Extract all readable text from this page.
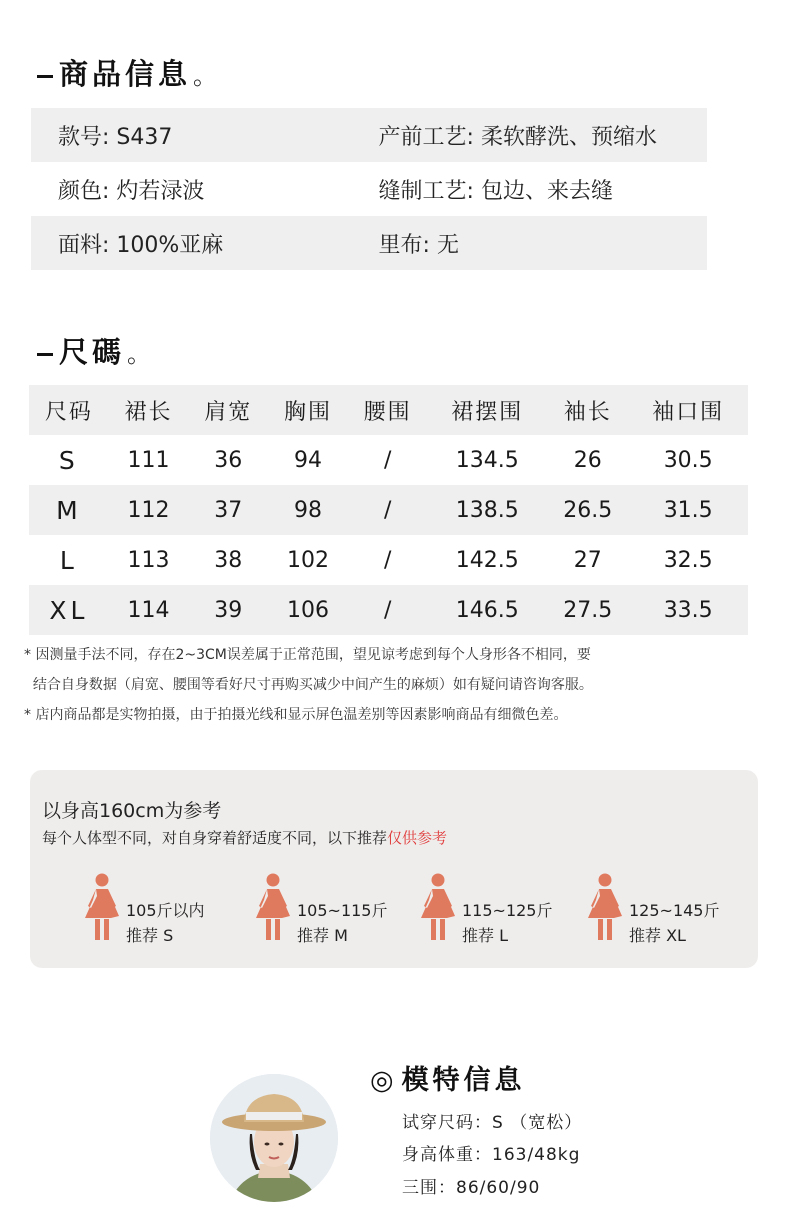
商品信息。
款号: S437	产前工艺: 柔软酵洗、预缩水
颜色: 灼若渌波	缝制工艺: 包边、来去缝
面料: 100%亚麻	里布: 无
尺碼。
尺码	裙长	肩宽	胸围	腰围	裙摆围	袖长	袖口围
S	111	36	94	/	134.5	26	30.5
M	112	37	98	/	138.5	26.5	31.5
L	113	38	102	/	142.5	27	32.5
XL	114	39	106	/	146.5	27.5	33.5
* 因测量手法不同，存在2~3CM误差属于正常范围，望见谅考虑到每个人身形各不相同，要
结合自身数据（肩宽、腰围等看好尺寸再购买减少中间产生的麻烦）如有疑问请咨询客服。
* 店内商品都是实物拍摄，由于拍摄光线和显示屏色温差别等因素影响商品有细微色差。
以身高160cm为参考
每个人体型不同，对自身穿着舒适度不同，以下推荐仅供参考
105斤以内
推荐 S
105~115斤
推荐 M
115~125斤
推荐 L
125~145斤
推荐 XL
◎ 模特信息
试穿尺码：S （宽松）
身高体重：163/48kg
三围：86/60/90
